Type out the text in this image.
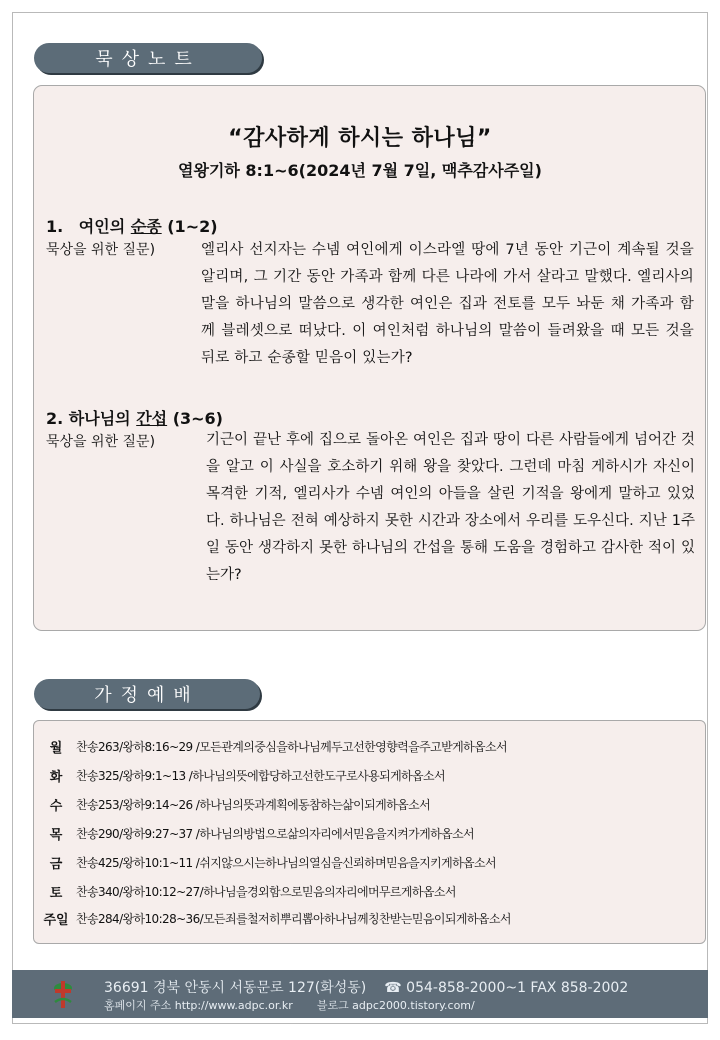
묵상노트
“감사하게 하시는 하나님”
열왕기하 8:1~6(2024년 7월 7일, 맥추감사주일)
1. 여인의 순종 (1~2)
묵상을 위한 질문)	엘리사 선지자는 수넴 여인에게 이스라엘 땅에 7년 동안 기근이 계속될 것을 알리며, 그 기간 동안 가족과 함께 다른 나라에 가서 살라고 말했다. 엘리사의 말을 하나님의 말씀으로 생각한 여인은 집과 전토를 모두 놔둔 채 가족과 함께 블레셋으로 떠났다. 이 여인처럼 하나님의 말씀이 들려왔을 때 모든 것을 뒤로 하고 순종할 믿음이 있는가?
2. 하나님의 간섭 (3~6)
묵상을 위한 질문)	기근이 끝난 후에 집으로 돌아온 여인은 집과 땅이 다른 사람들에게 넘어간 것을 알고 이 사실을 호소하기 위해 왕을 찾았다. 그런데 마침 게하시가 자신이 목격한 기적, 엘리사가 수넴 여인의 아들을 살린 기적을 왕에게 말하고 있었다. 하나님은 전혀 예상하지 못한 시간과 장소에서 우리를 도우신다. 지난 1주일 동안 생각하지 못한 하나님의 간섭을 통해 도움을 경험하고 감사한 적이 있는가?
가정예배
월	찬송263/왕하8:16~29 /모든관계의중심을하나님께두고선한영향력을주고받게하옵소서
화	찬송325/왕하9:1~13 /하나님의뜻에합당하고선한도구로사용되게하옵소서
수	찬송253/왕하9:14~26 /하나님의뜻과계획에동참하는삶이되게하옵소서
목	찬송290/왕하9:27~37 /하나님의방법으로삶의자리에서믿음을지켜가게하옵소서
금	찬송425/왕하10:1~11 /쉬지않으시는하나님의열심을신뢰하며믿음을지키게하옵소서
토	찬송340/왕하10:12~27/하나님을경외함으로믿음의자리에머무르게하옵소서
주일 찬송284/왕하10:28~36/모든죄를철저히뿌리뽑아하나님께칭찬받는믿음이되게하옵소서
36691 경북 안동시 서동문로 127(화성동) ☎ 054-858-2000~1 FAX 858-2002
홈페이지 주소 http://www.adpc.or.kr 블로그 adpc2000.tistory.com/
